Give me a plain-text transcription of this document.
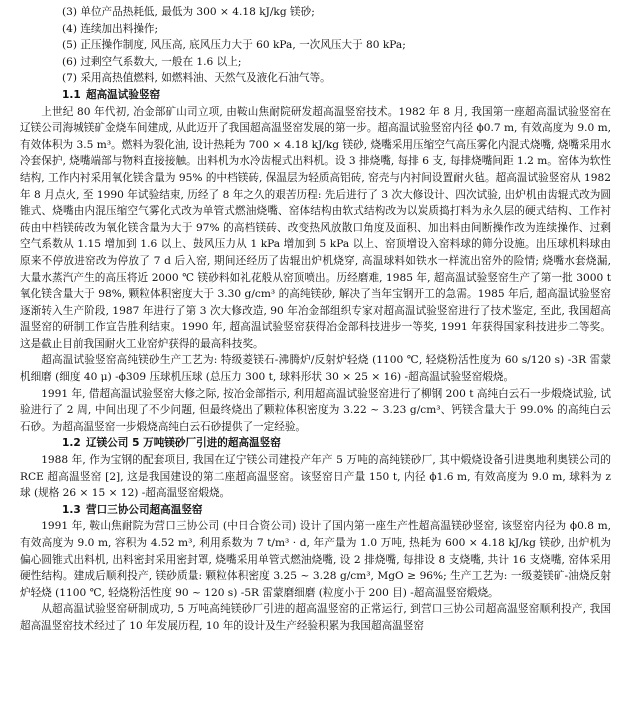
(3) 单位产品热耗低, 最低为 300 × 4.18 kJ/kg 镁砂;
(4) 连续加出料操作;
(5) 正压操作制度, 风压高, 底风压力大于 60 kPa, 一次风压大于 80 kPa;
(6) 过剩空气系数大, 一般在 1.6 以上;
(7) 采用高热值燃料, 如燃料油、天然气及液化石油气等。
1.1 超高温试验竖窑

上世纪 80 年代初, 冶金部矿山司立项, 由鞍山焦耐院研发超高温竖窑技术。1982 年 8 月, 我国第一座超高温试验竖窑在辽镁公司海城镁矿金烧车间建成, 从此迈开了我国超高温竖窑发展的第一步。超高温试验竖窑内径 ϕ0.7 m, 有效高度为 9.0 m, 有效体积为 3.5 m³。燃料为裂化油, 设计热耗为 700 × 4.18 kJ/kg 镁砂, 烧嘴采用压缩空气高压雾化内混式烧嘴, 烧嘴采用水冷套保护, 烧嘴端部与物料直接接触。出料机为水冷齿棍式出料机。设 3 排烧嘴, 每排 6 支, 每排烧嘴间距 1.2 m。窑体为软性结构, 工作内衬采用氧化镁含量为 95% 的中档镁砖, 保温层为轻质高铝砖, 窑壳与内衬间设置耐火毡。超高温试验竖窑从 1982 年 8 月点火, 至 1990 年试验结束, 历经了 8 年之久的艰苦历程: 先后进行了 3 次大修设计、四次试验, 出炉机由齿辊式改为圆锥式、烧嘴由内混压缩空气雾化式改为单管式燃油烧嘴、窑体结构由软式结构改为以炭质捣打料为永久层的硬式结构、工作衬砖由中档镁砖改为氧化镁含量为大于 97% 的高档镁砖、改变热风放散口角度及面积、加出料由间断操作改为连续操作、过剩空气系数从 1.15 增加到 1.6 以上、鼓风压力从 1 kPa 增加到 5 kPa 以上、窑顶增设入窑料球的筛分设施。出压球机料球由原来不停放进窑改为停放了 7 d 后入窑, 期间还经历了齿辊出炉机烧穿, 高温球料如铁水一样流出窑外的险情; 烧嘴水套烧漏, 大量水蒸汽产生的高压将近 2000 ℃ 镁砂料如礼花般从窑顶喷出。历经磨难, 1985 年, 超高温试验竖窑生产了第一批 3000 t 氧化镁含量大于 98%, 颗粒体积密度大于 3.30 g/cm³ 的高纯镁砂, 解决了当年宝钢开工的急需。1985 年后, 超高温试验竖窑逐渐转入生产阶段, 1987 年进行了第 3 次大修改造, 90 年冶金部组织专家对超高温试验竖窑进行了技术鉴定, 至此, 我国超高温竖窑的研制工作宣告胜利结束。1990 年, 超高温试验竖窑获得冶金部科技进步一等奖, 1991 年获得国家科技进步二等奖。这是截止目前我国耐火工业窑炉获得的最高科技奖。

超高温试验竖窑高纯镁砂生产工艺为: 特级菱镁石-沸腾炉/反射炉轻烧 (1100 ℃, 轻烧粉活性度为 60 s/120 s) -3R 雷蒙机细磨 (细度 40 μ) -ϕ309 压球机压球 (总压力 300 t, 球料形状 30 × 25 × 16) -超高温试验竖窑煅烧。

1991 年, 借超高温试验竖窑大修之际, 按冶金部指示, 利用超高温试验竖窑进行了柳钢 200 t 高纯白云石一步煅烧试验, 试验进行了 2 周, 中间出现了不少问题, 但最终烧出了颗粒体积密度为 3.22 ~ 3.23 g/cm³、钙镁含量大于 99.0% 的高纯白云石砂。为超高温竖窑一步煅烧高纯白云石砂提供了一定经验。

1.2 辽镁公司 5 万吨镁砂厂引进的超高温竖窑

1988 年, 作为宝钢的配套项目, 我国在辽宁镁公司建投产年产 5 万吨的高纯镁砂厂, 其中煅烧设备引进奥地利奥镁公司的 RCE 超高温竖窑 [2], 这是我国建设的第二座超高温竖窑。该竖窑日产量 150 t, 内径 ϕ1.6 m, 有效高度为 9.0 m, 球料为 z 球 (规格 26 × 15 × 12) -超高温竖窑煅烧。

1.3 营口三协公司超高温竖窑

1991 年, 鞍山焦耐院为营口三协公司 (中日合资公司) 设计了国内第一座生产性超高温镁砂竖窑, 该竖窑内径为 ϕ0.8 m, 有效高度为 9.0 m, 容积为 4.52 m³, 利用系数为 7 t/m³ · d, 年产量为 1.0 万吨, 热耗为 600 × 4.18 kJ/kg 镁砂, 出炉机为偏心圆锥式出料机, 出料密封采用密封罩, 烧嘴采用单管式燃油烧嘴, 设 2 排烧嘴, 每排设 8 支烧嘴, 共计 16 支烧嘴, 窑体采用硬性结构。建成后顺利投产, 镁砂质量: 颗粒体积密度 3.25 ~ 3.28 g/cm³, MgO ≥ 96%; 生产工艺为: 一级菱镁矿-油烧反射炉轻烧 (1100 ℃, 轻烧粉活性度 90 ~ 120 s) -5R 雷蒙磨细磨 (粒度小于 200 目) -超高温竖窑煅烧。

从超高温试验竖窑研制成功, 5 万吨高纯镁砂厂引进的超高温竖窑的正常运行, 到营口三协公司超高温竖窑顺利投产, 我国超高温竖窑技术经过了 10 年发展历程, 10 年的设计及生产经验积累为我国超高温竖窑
